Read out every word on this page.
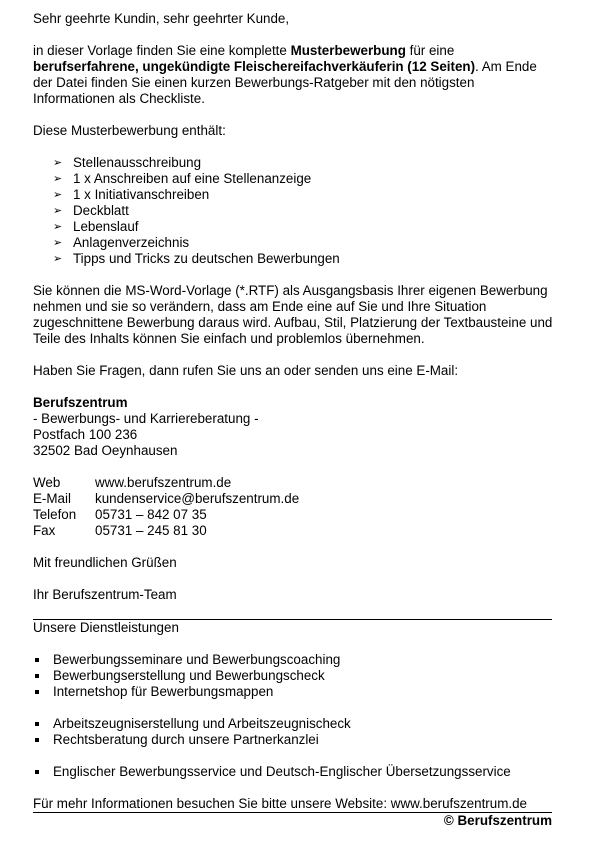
Sehr geehrte Kundin, sehr geehrter Kunde,

in dieser Vorlage finden Sie eine komplette Musterbewerbung für eine berufserfahrene, ungekündigte Fleischereifachverkäuferin (12 Seiten). Am Ende der Datei finden Sie einen kurzen Bewerbungs-Ratgeber mit den nötigsten Informationen als Checkliste.

Diese Musterbewerbung enthält:

➢ Stellenausschreibung
➢ 1 x Anschreiben auf eine Stellenanzeige
➢ 1 x Initiativanschreiben
➢ Deckblatt
➢ Lebenslauf
➢ Anlagenverzeichnis
➢ Tipps und Tricks zu deutschen Bewerbungen

Sie können die MS-Word-Vorlage (*.RTF) als Ausgangsbasis Ihrer eigenen Bewerbung nehmen und sie so verändern, dass am Ende eine auf Sie und Ihre Situation zugeschnittene Bewerbung daraus wird. Aufbau, Stil, Platzierung der Textbausteine und Teile des Inhalts können Sie einfach und problemlos übernehmen.

Haben Sie Fragen, dann rufen Sie uns an oder senden uns eine E-Mail:

Berufszentrum

- Bewerbungs- und Karriereberatung -

Postfach 100 236

32502 Bad Oeynhausen

Web	www.berufszentrum.de
E-Mail	kundenservice@berufszentrum.de
Telefon	05731 – 842 07 35
Fax	05731 – 245 81 30

Mit freundlichen Grüßen

Ihr Berufszentrum-Team

Unsere Dienstleistungen

Bewerbungsseminare und Bewerbungscoaching
Bewerbungserstellung und Bewerbungscheck
Internetshop für Bewerbungsmappen
Arbeitszeugniserstellung und Arbeitszeugnischeck
Rechtsberatung durch unsere Partnerkanzlei
Englischer Bewerbungsservice und Deutsch-Englischer Übersetzungsservice

Für mehr Informationen besuchen Sie bitte unsere Website: www.berufszentrum.de

© Berufszentrum
